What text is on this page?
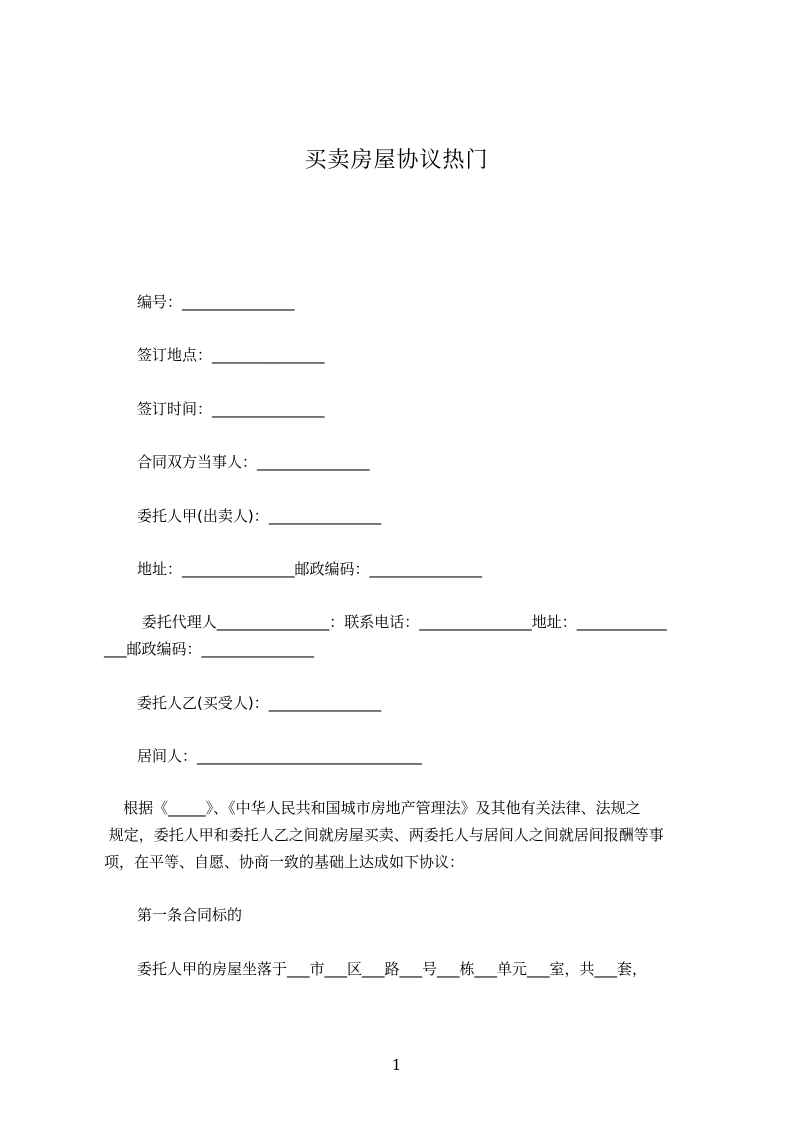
买卖房屋协议热门
编号：_______________
签订地点：_______________
签订时间：_______________
合同双方当事人：_______________
委托人甲(出卖人)：_______________
地址：_______________邮政编码：_______________
委托代理人_______________：联系电话：_______________地址：____________
___邮政编码：_______________
委托人乙(买受人)：_______________
居间人：______________________________

根据《_____》、《中华人民共和国城市房地产管理法》及其他有关法律、法规之

规定，委托人甲和委托人乙之间就房屋买卖、两委托人与居间人之间就居间报酬等事

项，在平等、自愿、协商一致的基础上达成如下协议：

第一条合同标的
委托人甲的房屋坐落于___市___区___路___号___栋___单元___室，共___套，
1
